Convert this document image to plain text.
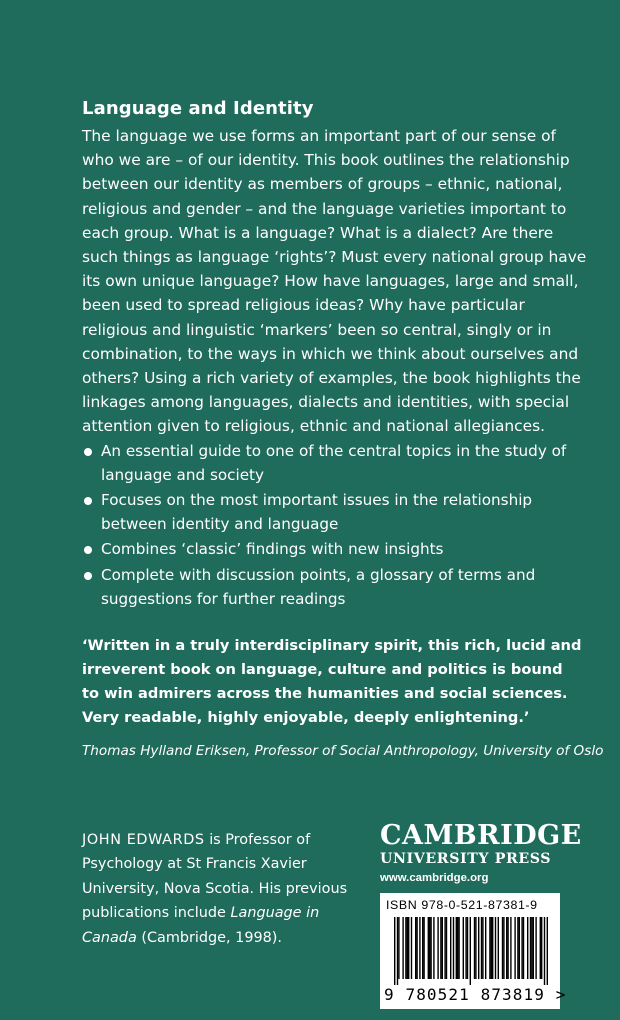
Language and Identity
The language we use forms an important part of our sense of who we are – of our identity. This book outlines the relationship between our identity as members of groups – ethnic, national, religious and gender – and the language varieties important to each group. What is a language? What is a dialect? Are there such things as language ‘rights’? Must every national group have its own unique language? How have languages, large and small, been used to spread religious ideas? Why have particular religious and linguistic ‘markers’ been so central, singly or in combination, to the ways in which we think about ourselves and others? Using a rich variety of examples, the book highlights the linkages among languages, dialects and identities, with special attention given to religious, ethnic and national allegiances.
An essential guide to one of the central topics in the study of language and society
Focuses on the most important issues in the relationship between identity and language
Combines ‘classic’ findings with new insights
Complete with discussion points, a glossary of terms and suggestions for further readings
‘Written in a truly interdisciplinary spirit, this rich, lucid and irreverent book on language, culture and politics is bound to win admirers across the humanities and social sciences. Very readable, highly enjoyable, deeply enlightening.’
Thomas Hylland Eriksen, Professor of Social Anthropology, University of Oslo
JOHN EDWARDS is Professor of Psychology at St Francis Xavier University, Nova Scotia. His previous publications include Language in Canada (Cambridge, 1998).
CAMBRIDGE
UNIVERSITY PRESS
www.cambridge.org
ISBN 978-0-521-87381-9
9 780521 873819 >
